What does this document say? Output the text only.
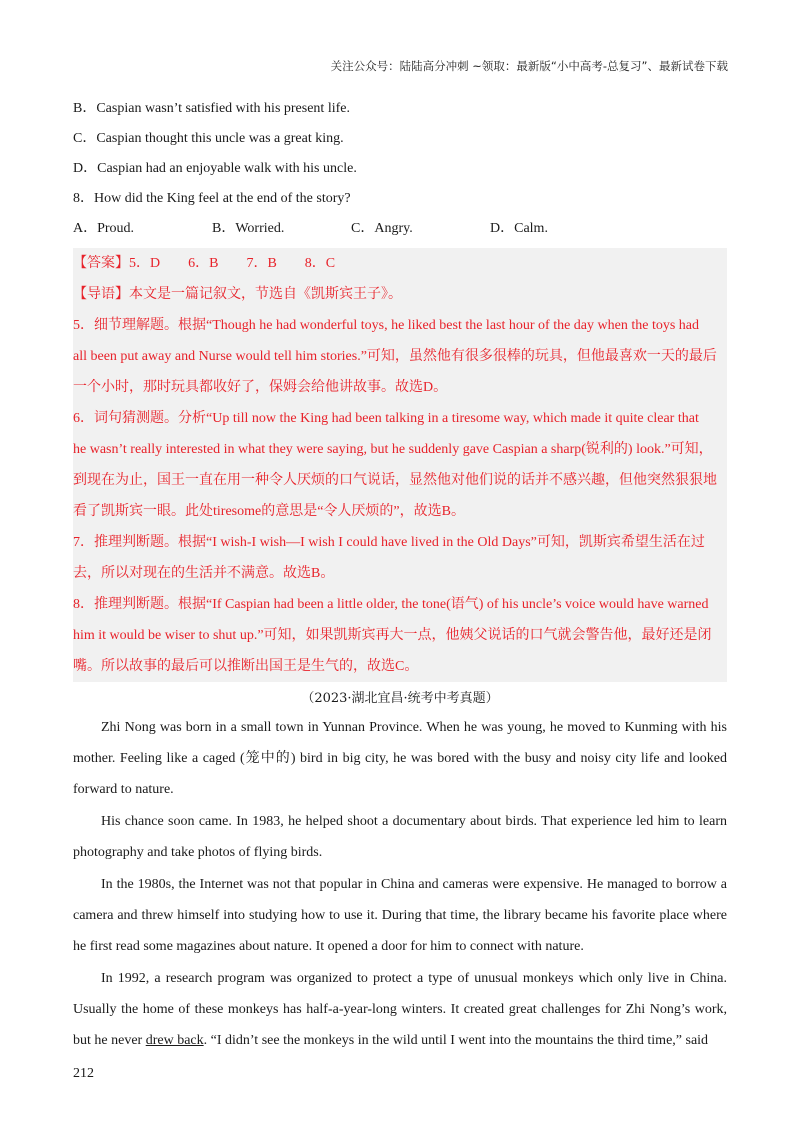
关注公众号：陆陆高分冲刺 ~领取：最新版“小中高考-总复习”、最新试卷下载
B．Caspian wasn’t satisfied with his present life.
C．Caspian thought this uncle was a great king.
D．Caspian had an enjoyable walk with his uncle.
8．How did the King feel at the end of the story?
A．Proud.	B．Worried.	C．Angry.	D．Calm.

【答案】5．D　　6．B　　7．B　　8．C

【导语】本文是一篇记叙文，节选自《凯斯宾王子》。

5．细节理解题。根据“Though he had wonderful toys, he liked best the last hour of the day when the toys had

all been put away and Nurse would tell him stories.”可知，虽然他有很多很棒的玩具，但他最喜欢一天的最后

一个小时，那时玩具都收好了，保姆会给他讲故事。故选D。

6．词句猜测题。分析“Up till now the King had been talking in a tiresome way, which made it quite clear that

he wasn’t really interested in what they were saying, but he suddenly gave Caspian a sharp(锐利的) look.”可知，

到现在为止，国王一直在用一种令人厌烦的口气说话，显然他对他们说的话并不感兴趣，但他突然狠狠地

看了凯斯宾一眼。此处tiresome的意思是“令人厌烦的”，故选B。

7．推理判断题。根据“I wish-I wish—I wish I could have lived in the Old Days”可知，凯斯宾希望生活在过

去，所以对现在的生活并不满意。故选B。

8．推理判断题。根据“If Caspian had been a little older, the tone(语气) of his uncle’s voice would have warned

him it would be wiser to shut up.”可知，如果凯斯宾再大一点，他姨父说话的口气就会警告他，最好还是闭

嘴。所以故事的最后可以推断出国王是生气的，故选C。

（2023·湖北宜昌·统考中考真题）

Zhi Nong was born in a small town in Yunnan Province. When he was young, he moved to Kunming with his mother. Feeling like a caged (笼中的) bird in big city, he was bored with the busy and noisy city life and looked forward to nature.

His chance soon came. In 1983, he helped shoot a documentary about birds. That experience led him to learn photography and take photos of flying birds.

In the 1980s, the Internet was not that popular in China and cameras were expensive. He managed to borrow a camera and threw himself into studying how to use it. During that time, the library became his favorite place where he first read some magazines about nature. It opened a door for him to connect with nature.

In 1992, a research program was organized to protect a type of unusual monkeys which only live in China. Usually the home of these monkeys has half-a-year-long winters. It created great challenges for Zhi Nong’s work, but he never drew back. “I didn’t see the monkeys in the wild until I went into the mountains the third time,” said

212
